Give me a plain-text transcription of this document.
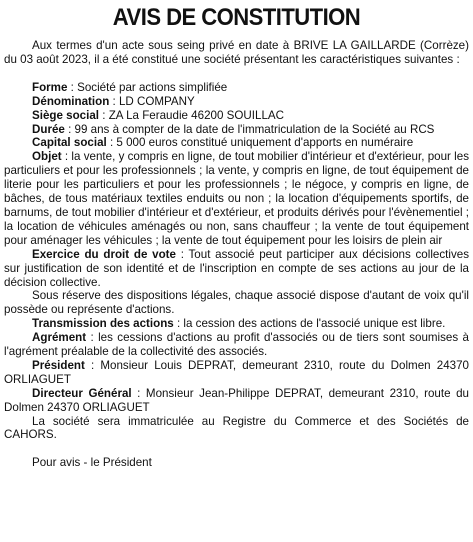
AVIS DE CONSTITUTION

Aux termes d'un acte sous seing privé en date à BRIVE LA GAILLARDE (Corrèze) du 03 août 2023, il a été constitué une société présentant les caractéristiques suivantes :

Forme : Société par actions simplifiée

Dénomination : LD COMPANY

Siège social : ZA La Feraudie 46200 SOUILLAC

Durée : 99 ans à compter de la date de l'immatriculation de la Société au RCS

Capital social : 5 000 euros constitué uniquement d'apports en numéraire

Objet : la vente, y compris en ligne, de tout mobilier d'intérieur et d'extérieur, pour les particuliers et pour les professionnels ; la vente, y compris en ligne, de tout équipement de literie pour les particuliers et pour les professionnels ; le négoce, y compris en ligne, de bâches, de tous matériaux textiles enduits ou non ; la location d'équipements sportifs, de barnums, de tout mobilier d'intérieur et d'extérieur, et produits dérivés pour l'évènementiel ; la location de véhicules aménagés ou non, sans chauffeur ; la vente de tout équipement pour aménager les véhicules ; la vente de tout équipement pour les loisirs de plein air

Exercice du droit de vote : Tout associé peut participer aux décisions collectives sur justification de son identité et de l'inscription en compte de ses actions au jour de la décision collective.

Sous réserve des dispositions légales, chaque associé dispose d'autant de voix qu'il possède ou représente d'actions.

Transmission des actions : la cession des actions de l'associé unique est libre.

Agrément : les cessions d'actions au profit d'associés ou de tiers sont soumises à l'agrément préalable de la collectivité des associés.

Président : Monsieur Louis DEPRAT, demeurant 2310, route du Dolmen 24370 ORLIAGUET

Directeur Général : Monsieur Jean-Philippe DEPRAT, demeurant 2310, route du Dolmen 24370 ORLIAGUET

La société sera immatriculée au Registre du Commerce et des Sociétés de CAHORS.

Pour avis - le Président
